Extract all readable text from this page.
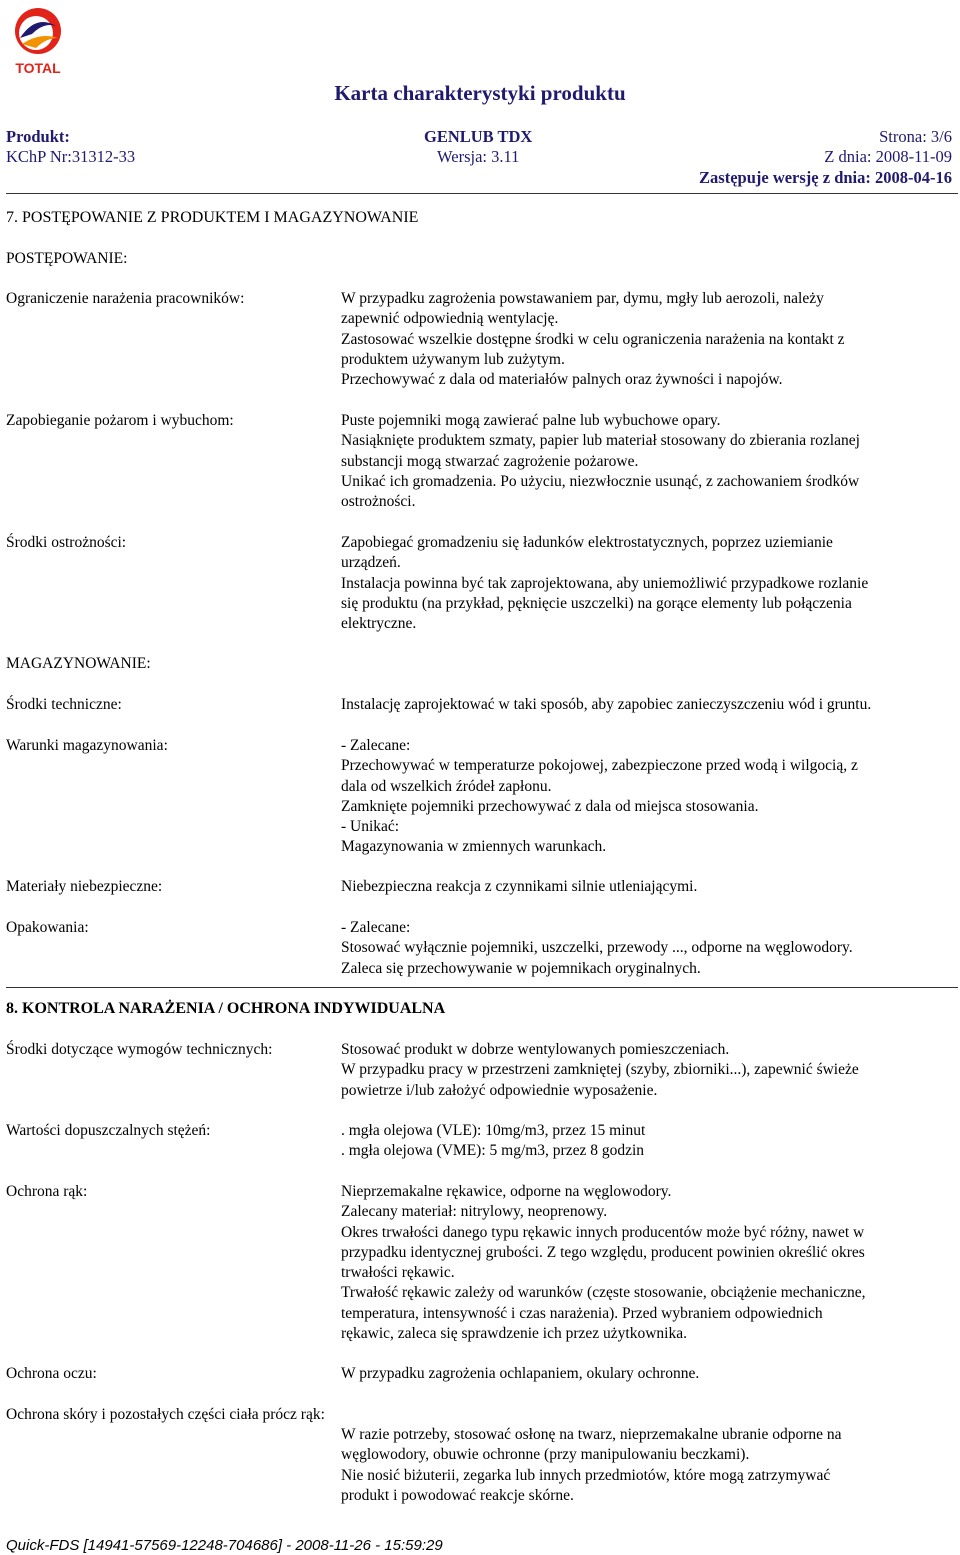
TOTAL
Karta charakterystyki produktu
Produkt:	GENLUB TDX	Strona: 3/6
KChP Nr:31312-33	Wersja: 3.11	Z dnia: 2008-11-09
Zastępuje wersję z dnia: 2008-04-16
7. POSTĘPOWANIE Z PRODUKTEM I MAGAZYNOWANIE
POSTĘPOWANIE:
Ograniczenie narażenia pracowników:	W przypadku zagrożenia powstawaniem par, dymu, mgły lub aerozoli, należy
zapewnić odpowiednią wentylację.
Zastosować wszelkie dostępne środki w celu ograniczenia narażenia na kontakt z
produktem używanym lub zużytym.
Przechowywać z dala od materiałów palnych oraz żywności i napojów.
Zapobieganie pożarom i wybuchom:	Puste pojemniki mogą zawierać palne lub wybuchowe opary.
Nasiąknięte produktem szmaty, papier lub materiał stosowany do zbierania rozlanej
substancji mogą stwarzać zagrożenie pożarowe.
Unikać ich gromadzenia. Po użyciu, niezwłocznie usunąć, z zachowaniem środków
ostrożności.
Środki ostrożności:	Zapobiegać gromadzeniu się ładunków elektrostatycznych, poprzez uziemianie
urządzeń.
Instalacja powinna być tak zaprojektowana, aby uniemożliwić przypadkowe rozlanie
się produktu (na przykład, pęknięcie uszczelki) na gorące elementy lub połączenia
elektryczne.
MAGAZYNOWANIE:
Środki techniczne:	Instalację zaprojektować w taki sposób, aby zapobiec zanieczyszczeniu wód i gruntu.
Warunki magazynowania:	- Zalecane:
Przechowywać w temperaturze pokojowej, zabezpieczone przed wodą i wilgocią, z
dala od wszelkich źródeł zapłonu.
Zamknięte pojemniki przechowywać z dala od miejsca stosowania.
- Unikać:
Magazynowania w zmiennych warunkach.
Materiały niebezpieczne:	Niebezpieczna reakcja z czynnikami silnie utleniającymi.
Opakowania:	- Zalecane:
Stosować wyłącznie pojemniki, uszczelki, przewody ..., odporne na węglowodory.
Zaleca się przechowywanie w pojemnikach oryginalnych.
8. KONTROLA NARAŻENIA / OCHRONA INDYWIDUALNA
Środki dotyczące wymogów technicznych:	Stosować produkt w dobrze wentylowanych pomieszczeniach.
W przypadku pracy w przestrzeni zamkniętej (szyby, zbiorniki...), zapewnić świeże
powietrze i/lub założyć odpowiednie wyposażenie.
Wartości dopuszczalnych stężeń:	. mgła olejowa (VLE): 10mg/m3, przez 15 minut
. mgła olejowa (VME): 5 mg/m3, przez 8 godzin
Ochrona rąk:	Nieprzemakalne rękawice, odporne na węglowodory.
Zalecany materiał: nitrylowy, neoprenowy.
Okres trwałości danego typu rękawic innych producentów może być różny, nawet w
przypadku identycznej grubości. Z tego względu, producent powinien określić okres
trwałości rękawic.
Trwałość rękawic zależy od warunków (częste stosowanie, obciążenie mechaniczne,
temperatura, intensywność i czas narażenia). Przed wybraniem odpowiednich
rękawic, zaleca się sprawdzenie ich przez użytkownika.
Ochrona oczu:	W przypadku zagrożenia ochlapaniem, okulary ochronne.
Ochrona skóry i pozostałych części ciała prócz rąk:
W razie potrzeby, stosować osłonę na twarz, nieprzemakalne ubranie odporne na
węglowodory, obuwie ochronne (przy manipulowaniu beczkami).
Nie nosić biżuterii, zegarka lub innych przedmiotów, które mogą zatrzymywać
produkt i powodować reakcje skórne.
Quick-FDS [14941-57569-12248-704686] - 2008-11-26 - 15:59:29
